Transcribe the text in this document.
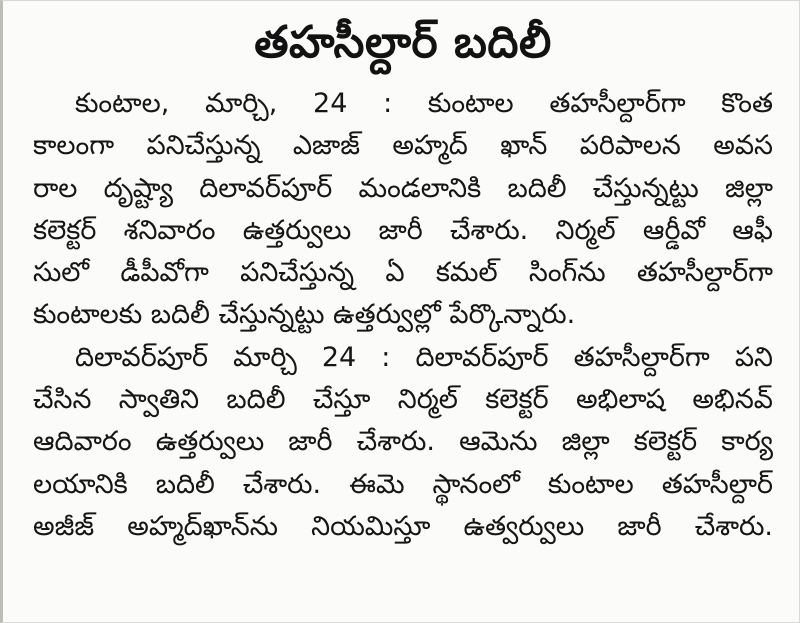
తహసీల్దార్ బదిలీ
కుంటాల, మార్చి, 24 : కుంటాల తహసీల్దార్‌గా కొంత
కాలంగా పనిచేస్తున్న ఎజాజ్ అహ్మద్ ఖాన్ పరిపాలన అవస
రాల దృష్ట్యా దిలావర్‌పూర్ మండలానికి బదిలీ చేస్తున్నట్టు జిల్లా
కలెక్టర్ శనివారం ఉత్తర్వులు జారీ చేశారు. నిర్మల్ ఆర్డీవో ఆఫీ
సులో డీపీవోగా పనిచేస్తున్న ఏ కమల్ సింగ్‌ను తహసీల్దార్‌గా
కుంటాలకు బదిలీ చేస్తున్నట్టు ఉత్తర్వుల్లో పేర్కొన్నారు.
దిలావర్‌పూర్ మార్చి 24 : దిలావర్‌పూర్ తహసీల్దార్‌గా పని
చేసిన స్వాతిని బదిలీ చేస్తూ నిర్మల్ కలెక్టర్ అభిలాష అభినవ్
ఆదివారం ఉత్తర్వులు జారీ చేశారు. ఆమెను జిల్లా కలెక్టర్ కార్య
లయానికి బదిలీ చేశారు. ఈమె స్థానంలో కుంటాల తహసీల్దార్
అజీజ్ అహ్మద్‌ఖాన్‌ను నియమిస్తూ ఉత్వర్వులు జారీ చేశారు.
